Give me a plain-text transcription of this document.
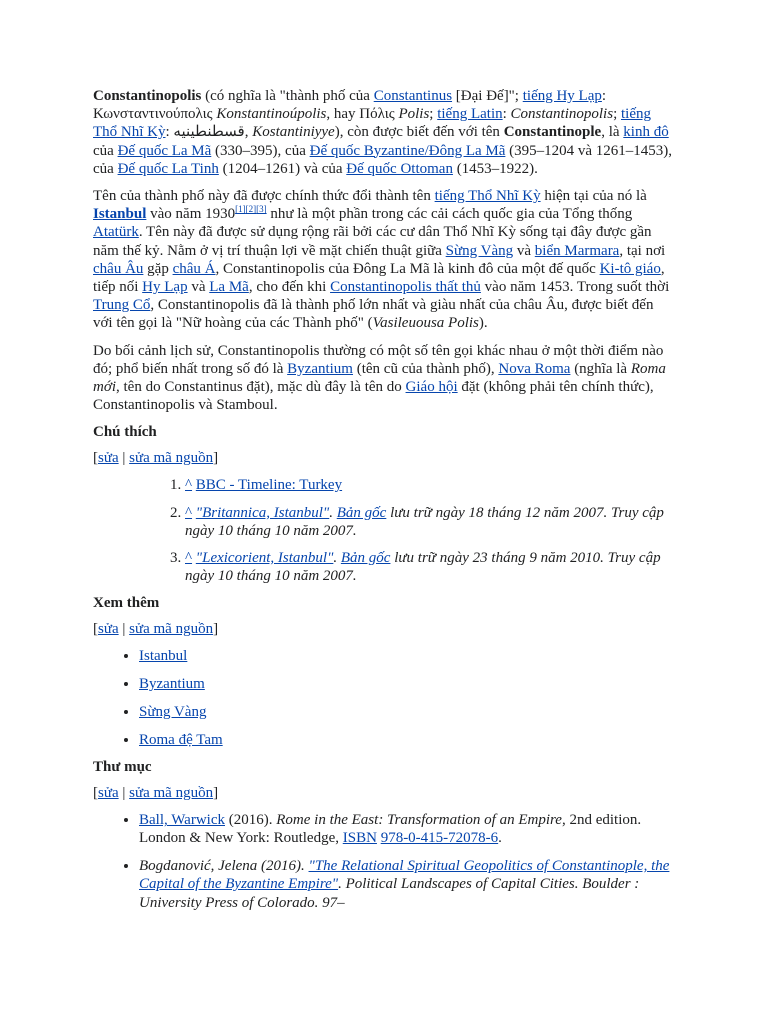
Constantinopolis (có nghĩa là "thành phố của Constantinus [Đại Đế]"; tiếng Hy Lạp: Κωνσταντινούπολις Konstantinoúpolis, hay Πόλις Polis; tiếng Latin: Constantinopolis; tiếng Thổ Nhĩ Kỳ: قسطنطينيه, Kostantiniyye), còn được biết đến với tên Constantinople, là kinh đô của Đế quốc La Mã (330–395), của Đế quốc Byzantine/Đông La Mã (395–1204 và 1261–1453), của Đế quốc La Tinh (1204–1261) và của Đế quốc Ottoman (1453–1922).

Tên của thành phố này đã được chính thức đổi thành tên tiếng Thổ Nhĩ Kỳ hiện tại của nó là Istanbul vào năm 1930[1][2][3] như là một phần trong các cải cách quốc gia của Tổng thống Atatürk. Tên này đã được sử dụng rộng rãi bởi các cư dân Thổ Nhĩ Kỳ sống tại đây được gần năm thế kỷ. Nằm ở vị trí thuận lợi về mặt chiến thuật giữa Sừng Vàng và biển Marmara, tại nơi châu Âu gặp châu Á, Constantinopolis của Đông La Mã là kinh đô của một đế quốc Ki-tô giáo, tiếp nối Hy Lạp và La Mã, cho đến khi Constantinopolis thất thủ vào năm 1453. Trong suốt thời Trung Cổ, Constantinopolis đã là thành phố lớn nhất và giàu nhất của châu Âu, được biết đến với tên gọi là "Nữ hoàng của các Thành phố" (Vasileuousa Polis).

Do bối cảnh lịch sử, Constantinopolis thường có một số tên gọi khác nhau ở một thời điểm nào đó; phổ biến nhất trong số đó là Byzantium (tên cũ của thành phố), Nova Roma (nghĩa là Roma mới, tên do Constantinus đặt), mặc dù đây là tên do Giáo hội đặt (không phải tên chính thức), Constantinopolis và Stamboul.

Chú thích
[sửa | sửa mã nguồn]
1. ^ BBC - Timeline: Turkey
2. ^ "Britannica, Istanbul". Bản gốc lưu trữ ngày 18 tháng 12 năm 2007. Truy cập ngày 10 tháng 10 năm 2007.
3. ^ "Lexicorient, Istanbul". Bản gốc lưu trữ ngày 23 tháng 9 năm 2010. Truy cập ngày 10 tháng 10 năm 2007.
Xem thêm
[sửa | sửa mã nguồn]
• Istanbul
• Byzantium
• Sừng Vàng
• Roma đệ Tam
Thư mục
[sửa | sửa mã nguồn]
• Ball, Warwick (2016). Rome in the East: Transformation of an Empire, 2nd edition. London & New York: Routledge, ISBN 978-0-415-72078-6.
• Bogdanović, Jelena (2016). "The Relational Spiritual Geopolitics of Constantinople, the Capital of the Byzantine Empire". Political Landscapes of Capital Cities. Boulder : University Press of Colorado. 97–
